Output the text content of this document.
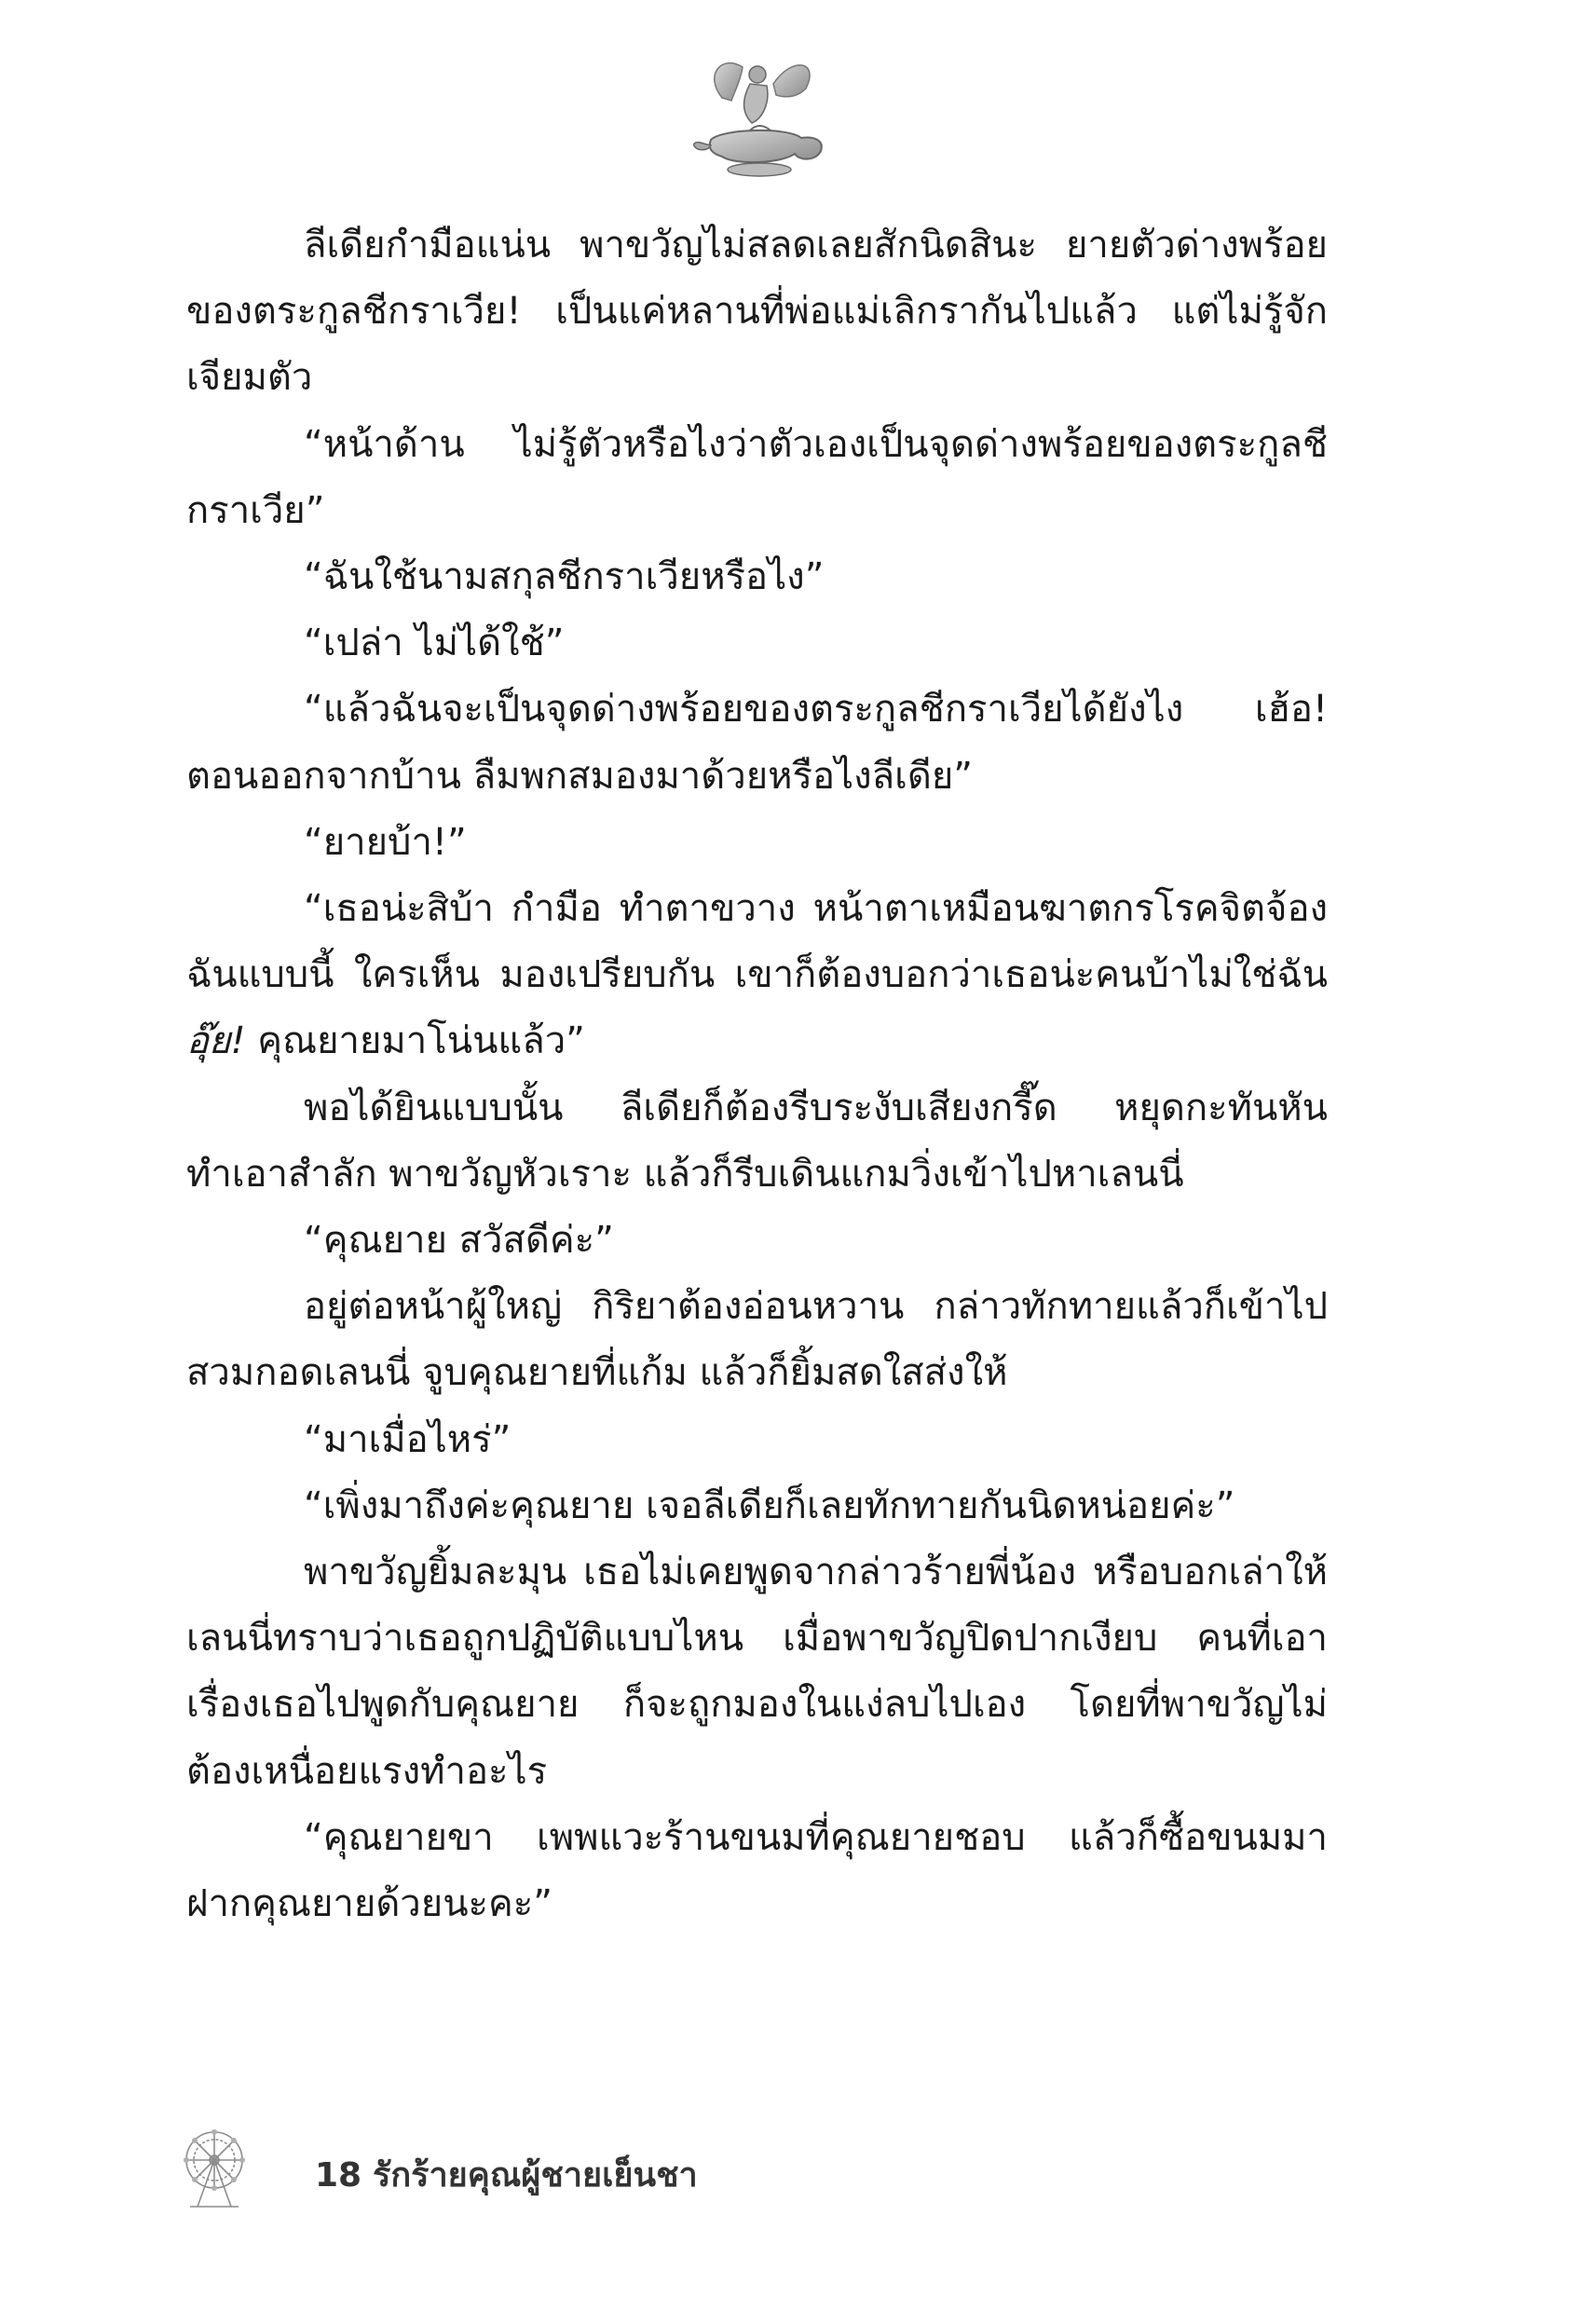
ลีเดียกำมือแน่น พาขวัญไม่สลดเลยสักนิดสินะ ยายตัวด่างพร้อยของตระกูลชีกราเวีย! เป็นแค่หลานที่พ่อแม่เลิกรากันไปแล้ว แต่ไม่รู้จักเจียมตัว

“หน้าด้าน ไม่รู้ตัวหรือไงว่าตัวเองเป็นจุดด่างพร้อยของตระกูลชีกราเวีย”

“ฉันใช้นามสกุลชีกราเวียหรือไง”

“เปล่า ไม่ได้ใช้”

“แล้วฉันจะเป็นจุดด่างพร้อยของตระกูลชีกราเวียได้ยังไง เฮ้อ! ตอนออกจากบ้าน ลืมพกสมองมาด้วยหรือไงลีเดีย”

“ยายบ้า!”

“เธอน่ะสิบ้า กำมือ ทำตาขวาง หน้าตาเหมือนฆาตกรโรคจิตจ้องฉันแบบนี้ ใครเห็น มองเปรียบกัน เขาก็ต้องบอกว่าเธอน่ะคนบ้าไม่ใช่ฉัน อุ๊ย! คุณยายมาโน่นแล้ว”

พอได้ยินแบบนั้น ลีเดียก็ต้องรีบระงับเสียงกรี๊ด หยุดกะทันหันทำเอาสำลัก พาขวัญหัวเราะ แล้วก็รีบเดินแกมวิ่งเข้าไปหาเลนนี่

“คุณยาย สวัสดีค่ะ”

อยู่ต่อหน้าผู้ใหญ่ กิริยาต้องอ่อนหวาน กล่าวทักทายแล้วก็เข้าไปสวมกอดเลนนี่ จูบคุณยายที่แก้ม แล้วก็ยิ้มสดใสส่งให้

“มาเมื่อไหร่”

“เพิ่งมาถึงค่ะคุณยาย เจอลีเดียก็เลยทักทายกันนิดหน่อยค่ะ”

พาขวัญยิ้มละมุน เธอไม่เคยพูดจากล่าวร้ายพี่น้อง หรือบอกเล่าให้เลนนี่ทราบว่าเธอถูกปฏิบัติแบบไหน เมื่อพาขวัญปิดปากเงียบ คนที่เอาเรื่องเธอไปพูดกับคุณยาย ก็จะถูกมองในแง่ลบไปเอง โดยที่พาขวัญไม่ต้องเหนื่อยแรงทำอะไร

“คุณยายขา เพพแวะร้านขนมที่คุณยายชอบ แล้วก็ซื้อขนมมาฝากคุณยายด้วยนะคะ”

18 รักร้ายคุณผู้ชายเย็นชา
